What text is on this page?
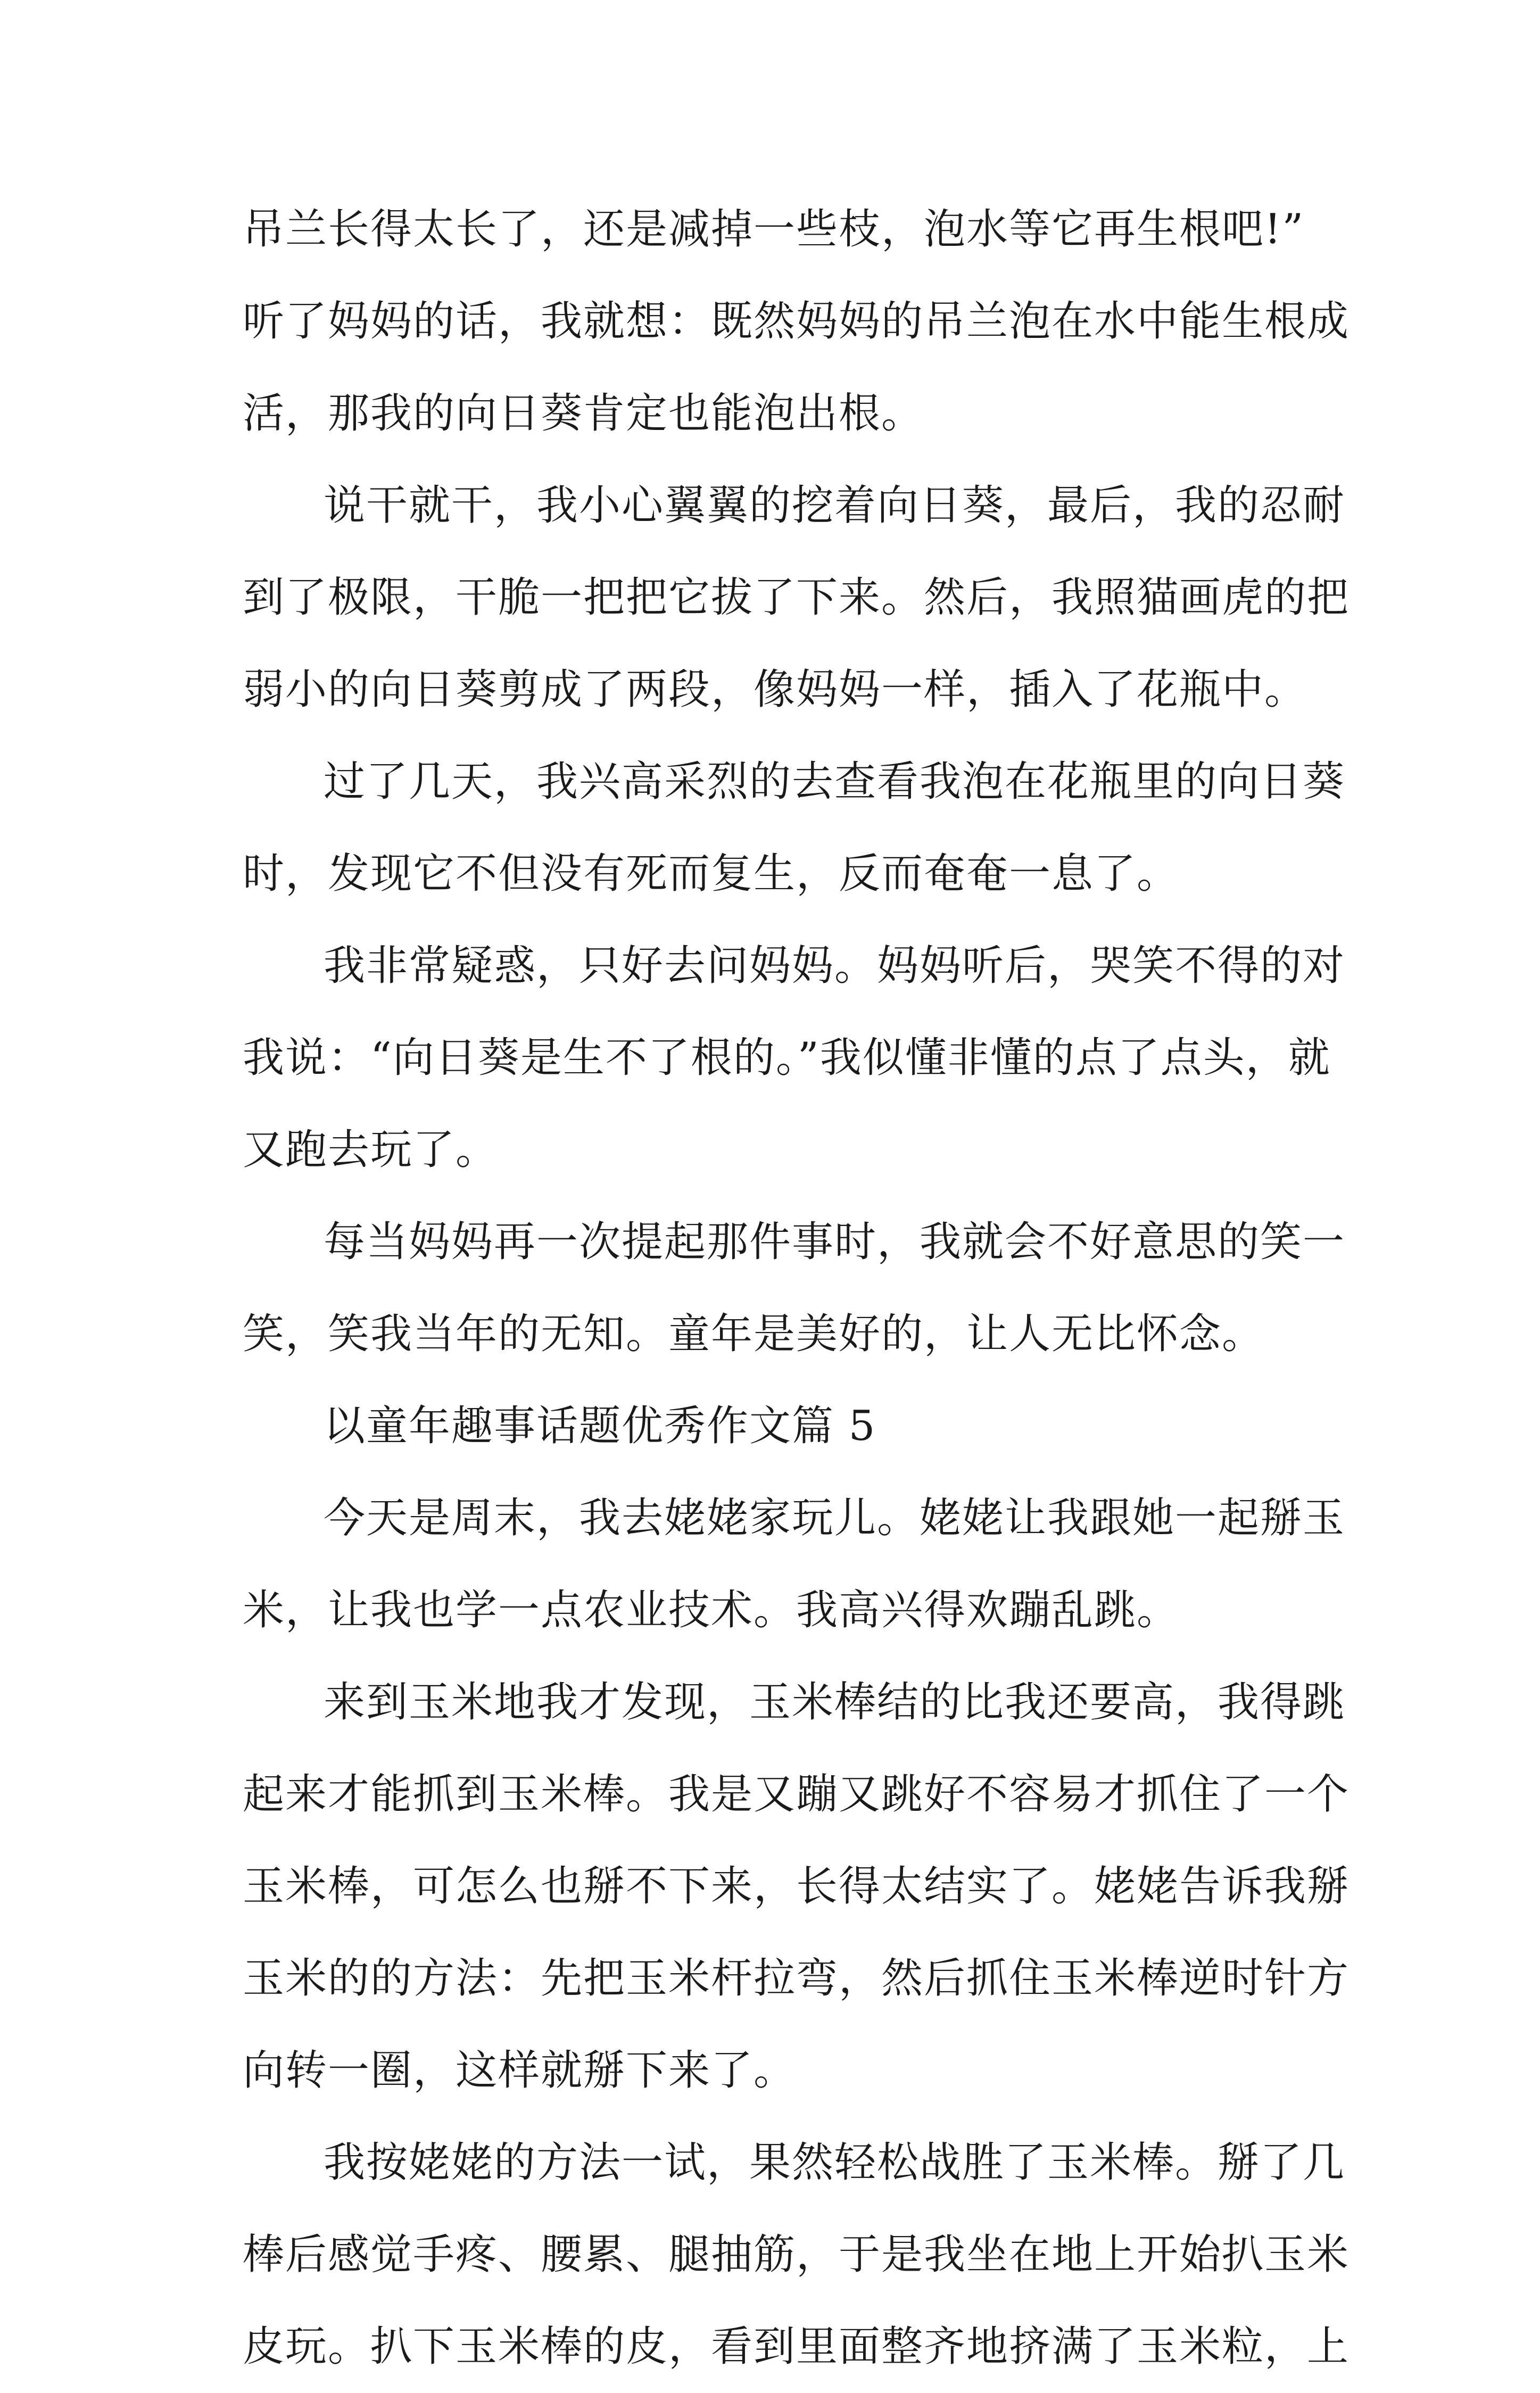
吊兰长得太长了，还是减掉一些枝，泡水等它再生根吧!”
听了妈妈的话，我就想：既然妈妈的吊兰泡在水中能生根成
活，那我的向日葵肯定也能泡出根。
说干就干，我小心翼翼的挖着向日葵，最后，我的忍耐
到了极限，干脆一把把它拔了下来。然后，我照猫画虎的把
弱小的向日葵剪成了两段，像妈妈一样，插入了花瓶中。
过了几天，我兴高采烈的去查看我泡在花瓶里的向日葵
时，发现它不但没有死而复生，反而奄奄一息了。
我非常疑惑，只好去问妈妈。妈妈听后，哭笑不得的对
我说：“向日葵是生不了根的。”我似懂非懂的点了点头，就
又跑去玩了。
每当妈妈再一次提起那件事时，我就会不好意思的笑一
笑，笑我当年的无知。童年是美好的，让人无比怀念。
以童年趣事话题优秀作文篇 5
今天是周末，我去姥姥家玩儿。姥姥让我跟她一起掰玉
米，让我也学一点农业技术。我高兴得欢蹦乱跳。
来到玉米地我才发现，玉米棒结的比我还要高，我得跳
起来才能抓到玉米棒。我是又蹦又跳好不容易才抓住了一个
玉米棒，可怎么也掰不下来，长得太结实了。姥姥告诉我掰
玉米的的方法：先把玉米杆拉弯，然后抓住玉米棒逆时针方
向转一圈，这样就掰下来了。
我按姥姥的方法一试，果然轻松战胜了玉米棒。掰了几
棒后感觉手疼、腰累、腿抽筋，于是我坐在地上开始扒玉米
皮玩。扒下玉米棒的皮，看到里面整齐地挤满了玉米粒，上
